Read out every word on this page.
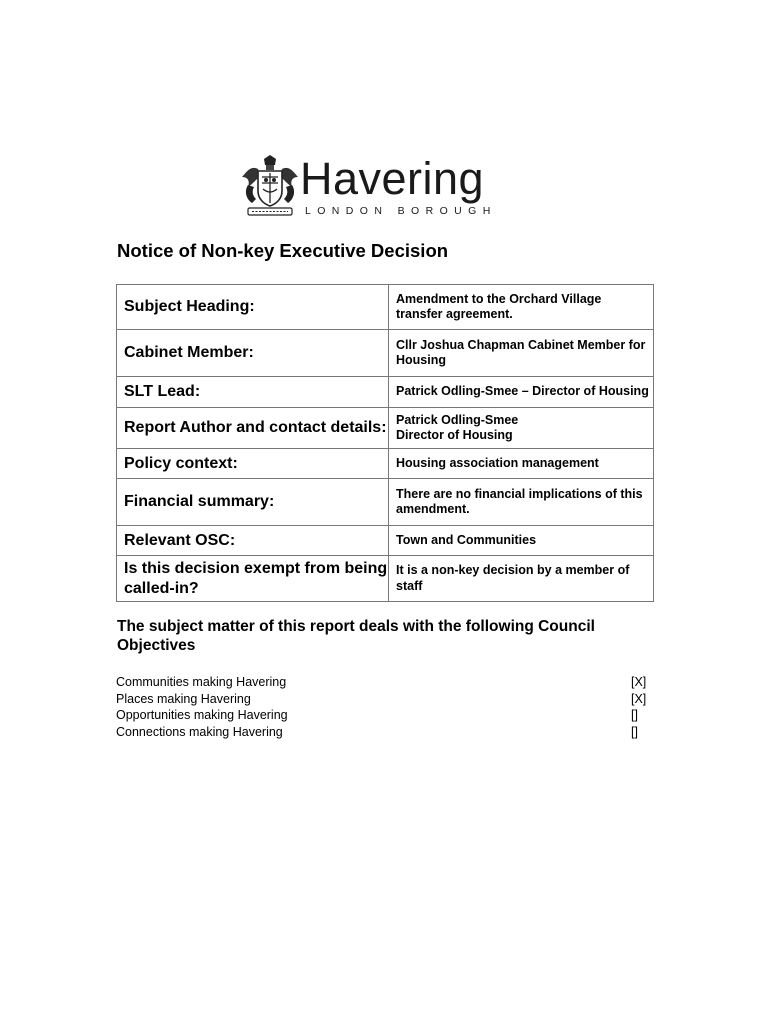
Havering
LONDON BOROUGH
Notice of Non-key Executive Decision
Subject Heading:	Amendment to the Orchard Village transfer agreement.
Cabinet Member:	Cllr Joshua Chapman Cabinet Member for Housing
SLT Lead:	Patrick Odling-Smee – Director of Housing
Report Author and contact details:	Patrick Odling-Smee
Director of Housing

Policy context:	Housing association management
Financial summary:	There are no financial implications of this amendment.
Relevant OSC:	Town and Communities
Is this decision exempt from being called-in?	It is a non-key decision by a member of staff
The subject matter of this report deals with the following Council Objectives
Communities making Havering	[X]
Places making Havering	[X]
Opportunities making Havering	[]
Connections making Havering	[]
